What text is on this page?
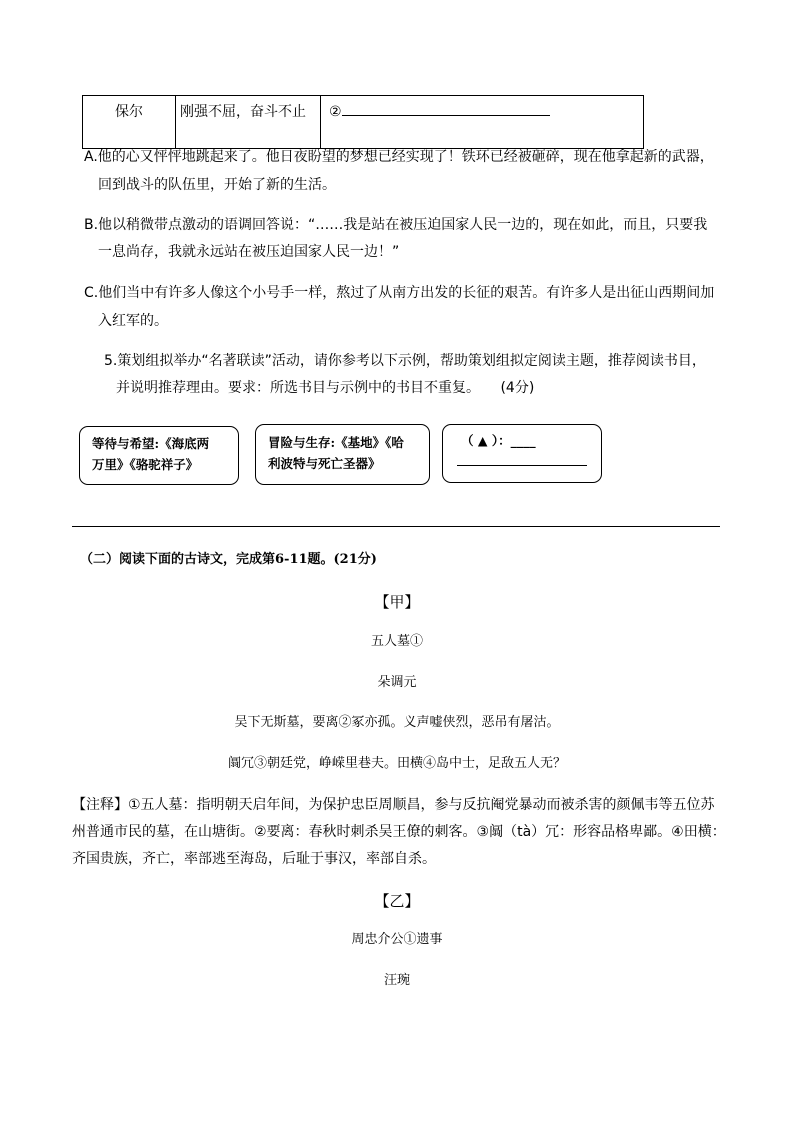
保尔	刚强不屈，奋斗不止	②
A.他的心又怦怦地跳起来了。他日夜盼望的梦想已经实现了！铁环已经被砸碎，现在他拿起新的武器，
回到战斗的队伍里，开始了新的生活。
B.他以稍微带点激动的语调回答说：“……我是站在被压迫国家人民一边的，现在如此，而且，只要我
一息尚存，我就永远站在被压迫国家人民一边！”
C.他们当中有许多人像这个小号手一样，熬过了从南方出发的长征的艰苦。有许多人是出征山西期间加
入红军的。
5.策划组拟举办“名著联读”活动，请你参考以下示例，帮助策划组拟定阅读主题，推荐阅读书目，
并说明推荐理由。要求：所选书目与示例中的书目不重复。 (4分)
等待与希望:《海底两
万里》《骆驼祥子》
冒险与生存:《基地》《哈
利波特与死亡圣器》
（ ▲ ）：____
（二）阅读下面的古诗文，完成第6-11题。(21分)
【甲】
五人墓①
朵调元
吴下无斯墓，要离②冢亦孤。义声嘘侠烈，恶吊有屠沽。
阘冗③朝廷党，峥嵘里巷夫。田横④岛中士，足敌五人无？
【注释】①五人墓：指明朝天启年间，为保护忠臣周顺昌，参与反抗阉党暴动而被杀害的颜佩韦等五位苏
州普通市民的墓，在山塘街。②要离：春秋时刺杀吴王僚的刺客。③阘（tà）冗：形容品格卑鄙。④田横：
齐国贵族，齐亡，率部逃至海岛，后耻于事汉，率部自杀。
【乙】
周忠介公①遗事
汪琬
